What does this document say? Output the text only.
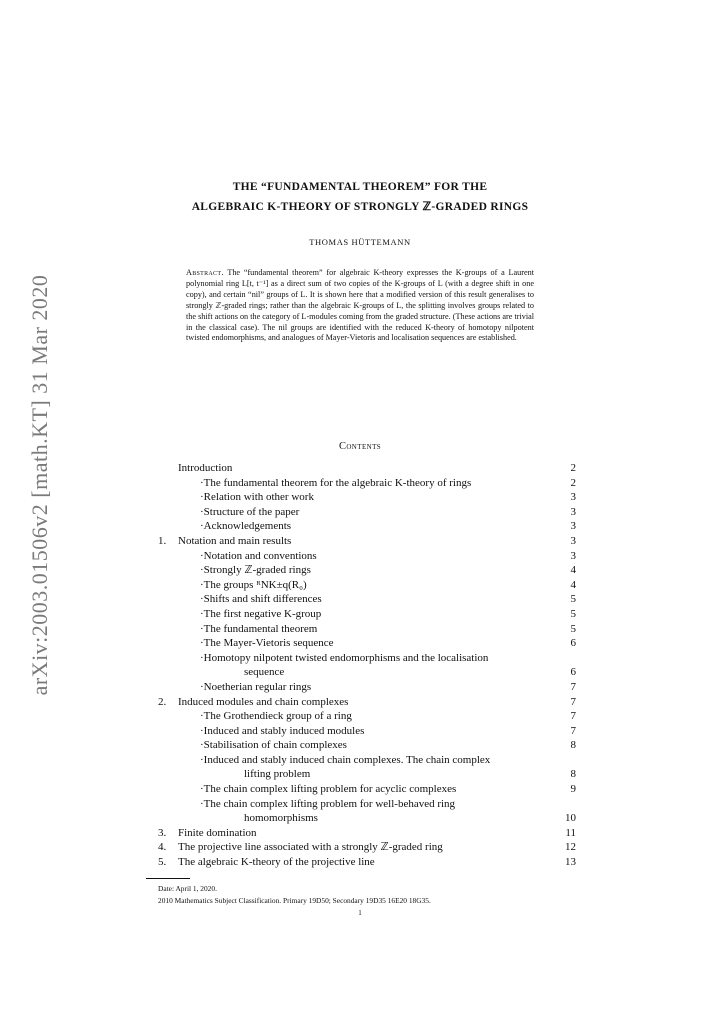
arXiv:2003.01506v2 [math.KT] 31 Mar 2020
THE “FUNDAMENTAL THEOREM” FOR THE
ALGEBRAIC K-THEORY OF STRONGLY ℤ-GRADED RINGS
THOMAS HÜTTEMANN
Abstract. The “fundamental theorem” for algebraic K-theory expresses the K-groups of a Laurent polynomial ring L[t, t⁻¹] as a direct sum of two copies of the K-groups of L (with a degree shift in one copy), and certain “nil” groups of L. It is shown here that a modified version of this result generalises to strongly ℤ-graded rings; rather than the algebraic K-groups of L, the splitting involves groups related to the shift actions on the category of L-modules coming from the graded structure. (These actions are trivial in the classical case). The nil groups are identified with the reduced K-theory of homotopy nilpotent twisted endomorphisms, and analogues of Mayer-Vietoris and localisation sequences are established.
Contents
Introduction	2
· The fundamental theorem for the algebraic K-theory of rings	2
· Relation with other work	3
· Structure of the paper	3
· Acknowledgements	3
1. Notation and main results	3
· Notation and conventions	3
· Strongly ℤ-graded rings	4
· The groups ᴿNK±q(R₀)	4
· Shifts and shift differences	5
· The first negative K-group	5
· The fundamental theorem	5
· The Mayer-Vietoris sequence	6
· Homotopy nilpotent twisted endomorphisms and the localisation
sequence	6
· Noetherian regular rings	7
2. Induced modules and chain complexes	7
· The Grothendieck group of a ring	7
· Induced and stably induced modules	7
· Stabilisation of chain complexes	8
· Induced and stably induced chain complexes. The chain complex
lifting problem	8
· The chain complex lifting problem for acyclic complexes	9
· The chain complex lifting problem for well-behaved ring
homomorphisms	10
3. Finite domination	11
4. The projective line associated with a strongly ℤ-graded ring	12
5. The algebraic K-theory of the projective line	13
Date: April 1, 2020.
2010 Mathematics Subject Classification. Primary 19D50; Secondary 19D35 16E20 18G35.
1
